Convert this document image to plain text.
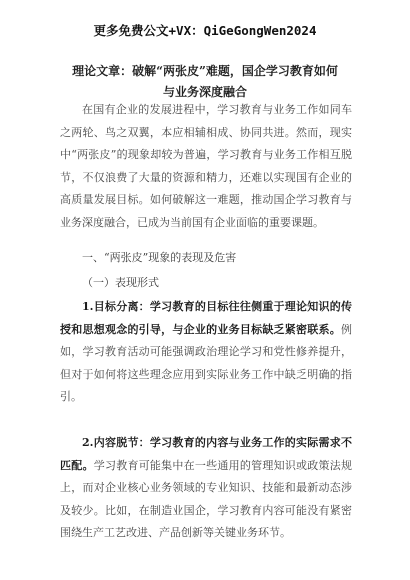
更多免费公文+VX：QiGeGongWen2024
理论文章：破解“两张皮”难题，国企学习教育如何与业务深度融合
在国有企业的发展进程中，学习教育与业务工作如同车之两轮、鸟之双翼，本应相辅相成、协同共进。然而，现实中“两张皮”的现象却较为普遍，学习教育与业务工作相互脱节，不仅浪费了大量的资源和精力，还难以实现国有企业的高质量发展目标。如何破解这一难题，推动国企学习教育与业务深度融合，已成为当前国有企业面临的重要课题。
一、“两张皮”现象的表现及危害
（一）表现形式
1.目标分离：学习教育的目标往往侧重于理论知识的传授和思想观念的引导，与企业的业务目标缺乏紧密联系。例如，学习教育活动可能强调政治理论学习和党性修养提升，但对于如何将这些理念应用到实际业务工作中缺乏明确的指引。
2.内容脱节：学习教育的内容与业务工作的实际需求不匹配。学习教育可能集中在一些通用的管理知识或政策法规上，而对企业核心业务领域的专业知识、技能和最新动态涉及较少。比如，在制造业国企，学习教育内容可能没有紧密围绕生产工艺改进、产品创新等关键业务环节。
